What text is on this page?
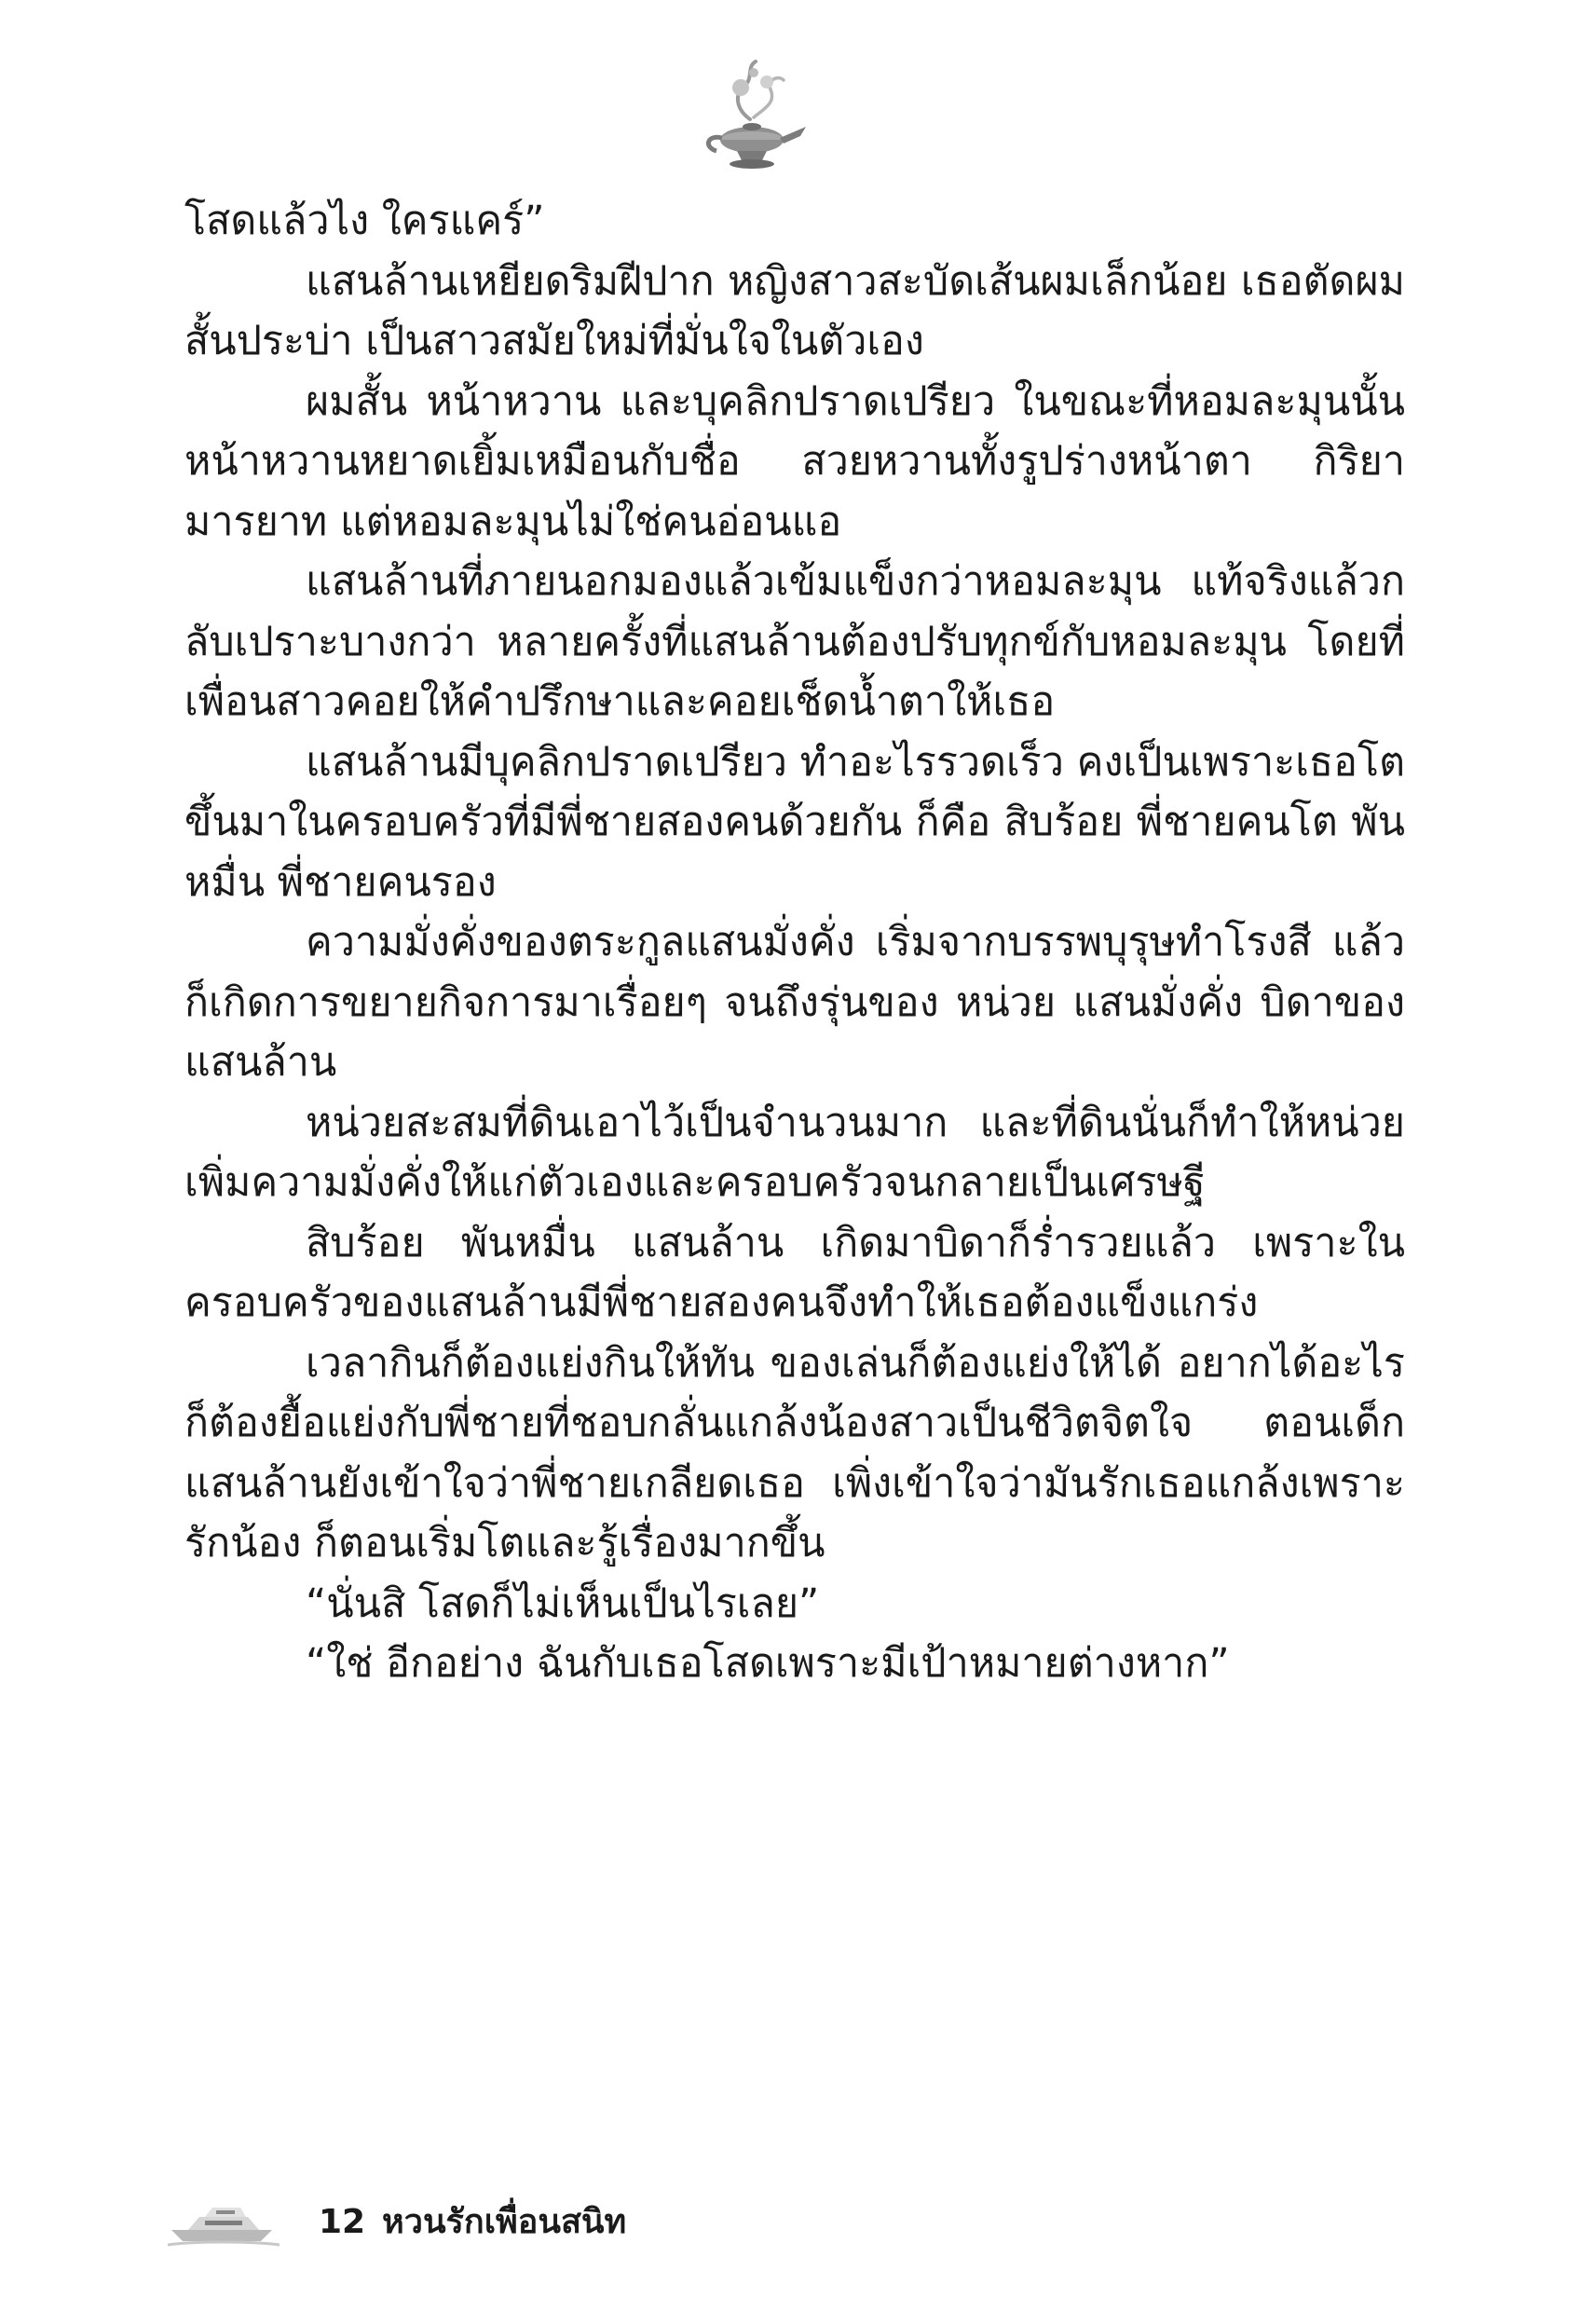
โสดแล้วไง ใครแคร์”

แสนล้านเหยียดริมฝีปาก หญิงสาวสะบัดเส้นผมเล็กน้อย เธอตัดผมสั้นประบ่า เป็นสาวสมัยใหม่ที่มั่นใจในตัวเอง

ผมสั้น หน้าหวาน และบุคลิกปราดเปรียว ในขณะที่หอมละมุนนั้นหน้าหวานหยาดเยิ้มเหมือนกับชื่อ สวยหวานทั้งรูปร่างหน้าตา กิริยามารยาท แต่หอมละมุนไม่ใช่คนอ่อนแอ

แสนล้านที่ภายนอกมองแล้วเข้มแข็งกว่าหอมละมุน แท้จริงแล้วกลับเปราะบางกว่า หลายครั้งที่แสนล้านต้องปรับทุกข์กับหอมละมุน โดยที่เพื่อนสาวคอยให้คำปรึกษาและคอยเช็ดน้ำตาให้เธอ

แสนล้านมีบุคลิกปราดเปรียว ทำอะไรรวดเร็ว คงเป็นเพราะเธอโตขึ้นมาในครอบครัวที่มีพี่ชายสองคนด้วยกัน ก็คือ สิบร้อย พี่ชายคนโต พันหมื่น พี่ชายคนรอง

ความมั่งคั่งของตระกูลแสนมั่งคั่ง เริ่มจากบรรพบุรุษทำโรงสี แล้วก็เกิดการขยายกิจการมาเรื่อยๆ จนถึงรุ่นของ หน่วย แสนมั่งคั่ง บิดาของแสนล้าน

หน่วยสะสมที่ดินเอาไว้เป็นจำนวนมาก และที่ดินนั่นก็ทำให้หน่วยเพิ่มความมั่งคั่งให้แก่ตัวเองและครอบครัวจนกลายเป็นเศรษฐี

สิบร้อย พันหมื่น แสนล้าน เกิดมาบิดาก็ร่ำรวยแล้ว เพราะในครอบครัวของแสนล้านมีพี่ชายสองคนจึงทำให้เธอต้องแข็งแกร่ง

เวลากินก็ต้องแย่งกินให้ทัน ของเล่นก็ต้องแย่งให้ได้ อยากได้อะไรก็ต้องยื้อแย่งกับพี่ชายที่ชอบกลั่นแกล้งน้องสาวเป็นชีวิตจิตใจ ตอนเด็กแสนล้านยังเข้าใจว่าพี่ชายเกลียดเธอ เพิ่งเข้าใจว่ามันรักเธอแกล้งเพราะรักน้อง ก็ตอนเริ่มโตและรู้เรื่องมากขึ้น

“นั่นสิ โสดก็ไม่เห็นเป็นไรเลย”

“ใช่ อีกอย่าง ฉันกับเธอโสดเพราะมีเป้าหมายต่างหาก”

12 หวนรักเพื่อนสนิท
